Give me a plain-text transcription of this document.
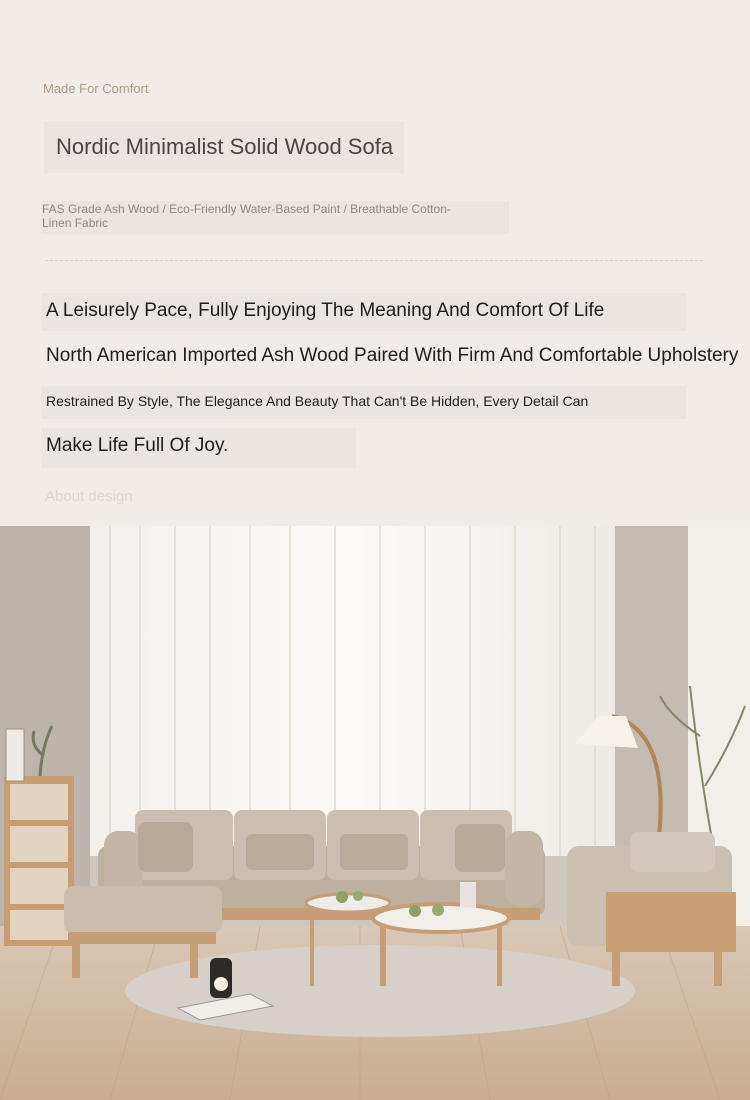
Made For Comfort
Nordic Minimalist Solid Wood Sofa
FAS Grade Ash Wood / Eco-Friendly Water-Based Paint / Breathable Cotton-Linen Fabric
A Leisurely Pace, Fully Enjoying The Meaning And Comfort Of Life
North American Imported Ash Wood Paired With Firm And Comfortable Upholstery
Restrained By Style, The Elegance And Beauty That Can't Be Hidden, Every Detail Can
Make Life Full Of Joy.
About design
